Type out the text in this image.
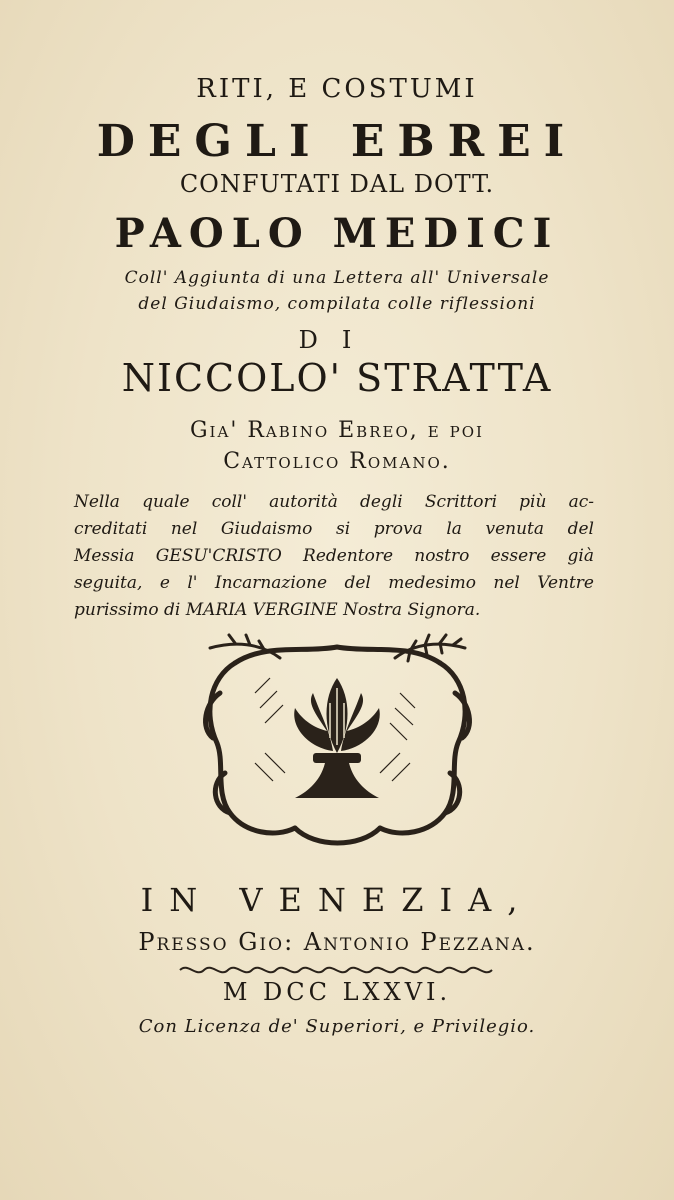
RITI, E COSTUMI
DEGLI EBREI
CONFUTATI DAL DOTT.
PAOLO MEDICI
Coll' Aggiunta di una Lettera all' Universale
del Giudaismo, compilata colle riflessioni
DI
NICCOLO' STRATTA
Gia' Rabino Ebreo, e poi
Cattolico Romano.
Nella quale coll' autorità degli Scrittori più ac-
creditati nel Giudaismo si prova la venuta del
Messia GESU'CRISTO Redentore nostro essere già
seguita, e l' Incarnazione del medesimo nel Ventre
purissimo di MARIA VERGINE Nostra Signora.
IN VENEZIA,
Presso Gio: Antonio Pezzana.
M DCC LXXVI.
Con Licenza de' Superiori, e Privilegio.
